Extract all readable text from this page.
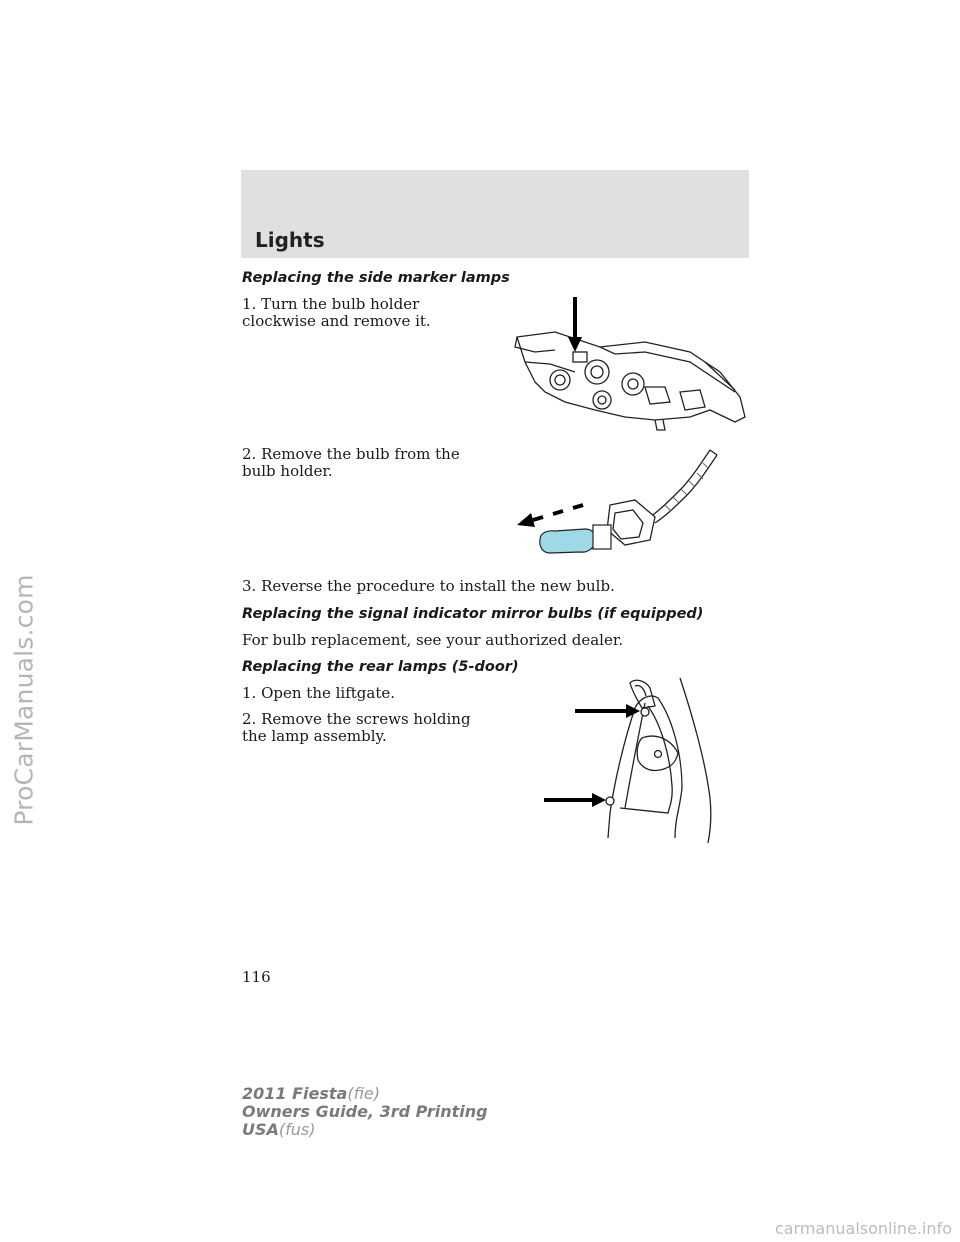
ProCarManuals.com
Lights
Replacing the side marker lamps
1. Turn the bulb holder clockwise and remove it.
2. Remove the bulb from the bulb holder.
3. Reverse the procedure to install the new bulb.
Replacing the signal indicator mirror bulbs (if equipped)
For bulb replacement, see your authorized dealer.
Replacing the rear lamps (5-door)
1. Open the liftgate.
2. Remove the screws holding the lamp assembly.
116
2011 Fiesta(fie)
Owners Guide, 3rd Printing
USA(fus)
carmanualsonline.info
